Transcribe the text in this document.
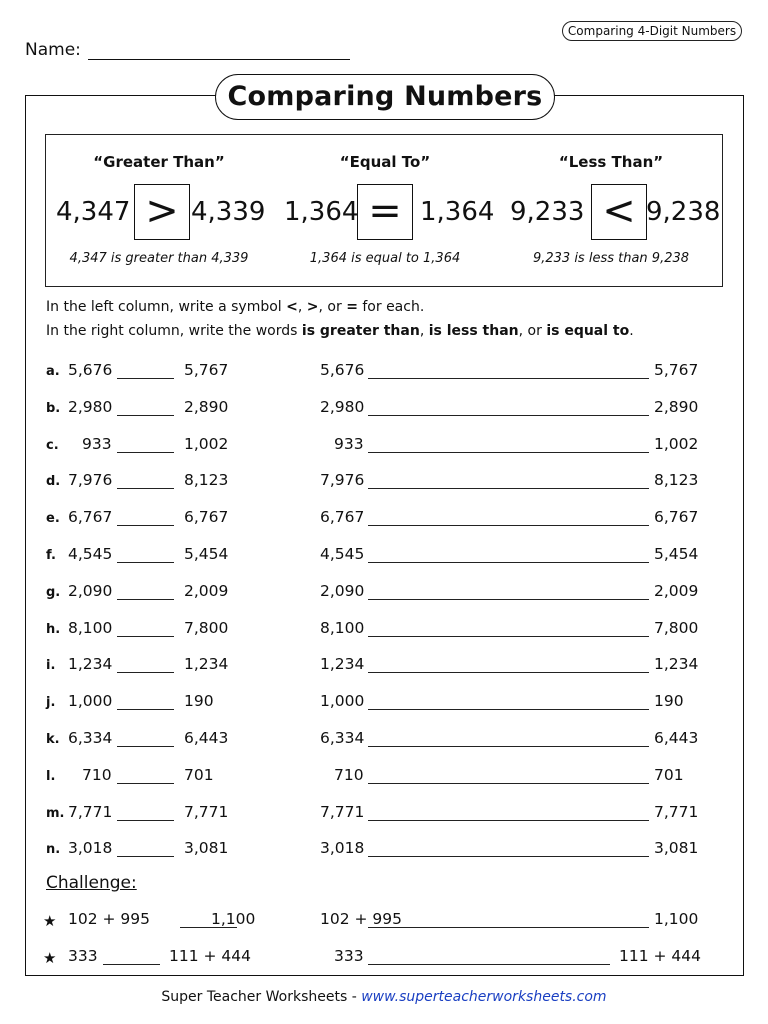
Comparing 4-Digit Numbers
Name:
Comparing Numbers
“Greater Than”
4,347 > 4,339
4,347 is greater than 4,339
“Equal To”
1,364 = 1,364
1,364 is equal to 1,364
“Less Than”
9,233 < 9,238
9,233 is less than 9,238
In the left column, write a symbol <, >, or = for each.
In the right column, write the words is greater than, is less than, or is equal to.
a. 5,676	5,767	5,676	5,767
b. 2,980	2,890	2,980	2,890
c. 933	1,002	933	1,002
d. 7,976	8,123	7,976	8,123
e. 6,767	6,767	6,767	6,767
f. 4,545	5,454	4,545	5,454
g. 2,090	2,009	2,090	2,009
h. 8,100	7,800	8,100	7,800
i. 1,234	1,234	1,234	1,234
j. 1,000	190	1,000	190
k. 6,334	6,443	6,334	6,443
l. 710	701	710	701
m. 7,771	7,771	7,771	7,771
n. 3,018	3,081	3,018	3,081
Challenge:
★ 102 + 995	1,100	102 + 995	1,100
★ 333	111 + 444	333	111 + 444
Super Teacher Worksheets - www.superteacherworksheets.com
